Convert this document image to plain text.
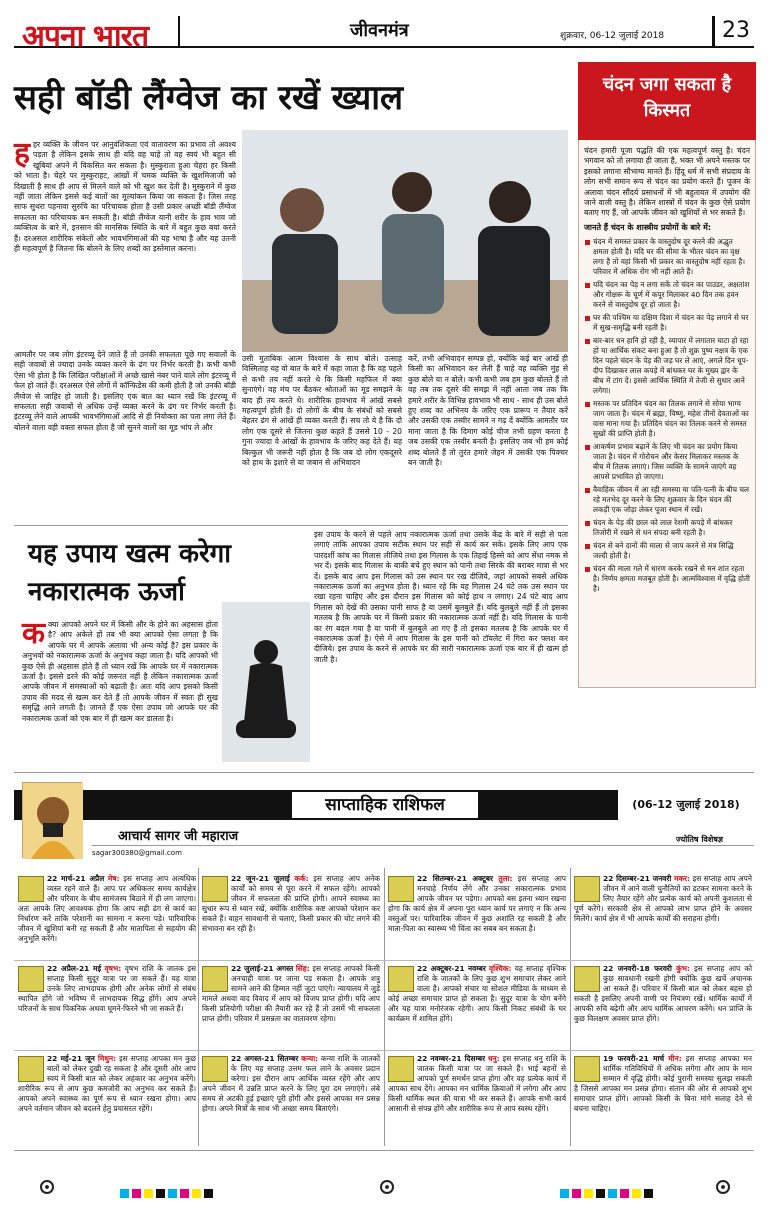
अपना भारत	जीवनमंत्र	शुक्रवार, 06-12 जुलाई 2018	23
सही बॉडी लैंग्वेज का रखें ख्याल

हहर व्यक्ति के जीवन पर आनुवंशिकता एवं वातावरण का प्रभाव तो अवश्य पड़ता है लेकिन इसके साथ ही यदि वह चाहे तो वह स्वयं भी बहुत सी खूबियां अपने में विकसित कर सकता है। मुस्कुराता हुआ चेहरा हर किसी को भाता है। चेहरे पर मुस्कुराहट, आंखों में चमक व्यक्ति के खुशमिजाजी को दिखाती है साथ ही आप से मिलने वाले को भी खुश कर देती है। मुस्कुराने में कुछ नहीं जाता लेकिन इससे कई बातों का मूल्यांकन किया जा सकता है। जिस तरह साफ सुथरा पहनावा सुरुचि का परिचायक होता है उसी प्रकार अच्छी बॉडी लैंग्वेज सफलता का परिचायक बन सकती है। बॉडी लैंग्वेज यानी शरीर के हाव भाव जो व्यक्तित्व के बारे में, इनसान की मानसिक स्थिति के बारे में बहुत कुछ बयां करते हैं। दरअसल शारीरिक संकेतों और भावभंगिमाओं की यह भाषा है और यह उतनी ही महत्वपूर्ण है जितना कि बोलने के लिए शब्दों का इस्तेमाल करना।

आमतौर पर जब लोग इंटरव्यू देने जाते हैं तो उनकी सफलता पूछे गए सवालों के सही जवाबों से ज्यादा उनके व्यक्त करने के ढंग पर निर्भर करती है। कभी कभी ऐसा भी होता है कि लिखित परीक्षाओं में अच्छे खासे नंबर पाने वाले लोग इंटरव्यू में फेल हो जाते हैं। दरअसल ऐसे लोगों में कॉन्फिडेंस की कमी होती है जो उनकी बॉडी लैंग्वेज से जाहिर हो जाती है। इसलिए एक बात का ध्यान रखें कि इंटरव्यू में सफलता सही जवाबों से अधिक उन्हें व्यक्त करने के ढंग पर निर्भर करती है। इंटरव्यू लेने वाले आपकी भावभंगिमाओं आदि से ही नियोक्ता का पता लगा लेते हैं। बोलने वाला वही वक्ता सफल होता है जो सुनने वालों का मूड भांप ले और

उसी मुताबिक आत्म विश्वास के साथ बोले। उत्साह विस्मिताह यह वो बात के बारे में कहा जाता है कि वह पहले से कभी तय नहीं करते थे कि किसी महफिल में क्या सुनाएंगे। वह मंच पर बैठकर श्रोताओं का मूड समझने के बाद ही तय करते थे। शारीरिक हावभाव में आंखें सबसे महत्वपूर्ण होती हैं। दो लोगों के बीच के संबंधों को सबसे बेहतर ढंग से आंखें ही व्यक्त करती हैं। सच तो ये है कि दो लोग एक दूसरे से जितना कुछ कहते हैं उससे 10 - 20 गुना ज्यादा वे आंखों के हावभाव के जरिए कह देते हैं। यह बिल्कुल भी जरूरी नहीं होता है कि जब दो लोग एकदूसरे को हाथ के इशारे से या जबान से अभिवादन

करें, तभी अभिवादन सम्पन्न हो, क्योंकि कई बार आंखें ही किसी का अभिवादन कर लेती हैं चाहे वह व्यक्ति मुंह से कुछ बोले या न बोले। कभी कभी जब हम कुछ बोलते हैं तो वह तब तक दूसरे की समझ में नहीं आता जब तक कि हमारे शरीर के विभिन्न हावभाव भी साथ - साथ ही उस बोले हुए शब्द का अभिनय के जरिए एक प्रारूप न तैयार करें और उसकी एक तस्वीर सामने न गढ़ दें क्योंकि आमतौर पर माना जाता है कि दिमाग कोई चीज तभी ग्रहण करता है जब उसकी एक तस्वीर बनती है। इसलिए जब भी हम कोई शब्द बोलते हैं तो तुरंत हमारे जेहन में उसकी एक पिक्चर बन जाती है।

चंदन जगा सकता है किस्मत

चंदन हमारी पूजा पद्धति की एक महत्वपूर्ण वस्तु है। चंदन भगवान को तो लगाया ही जाता है, भक्त भी अपने मस्तक पर इसको लगाना सौभाग्य मानते हैं। हिंदू धर्म में सभी संप्रदाय के लोग सभी समान रूप से चंदन का प्रयोग करते हैं। पूजन के अलावा चंदन सौंदर्य प्रसाधनों में भी बहुतायत में उपयोग की जाने वाली वस्तु है। लेकिन शास्त्रों में चंदन के कुछ ऐसे प्रयोग बताए गए हैं, जो आपके जीवन को खुशियों से भर सकते हैं।

जानते हैं चंदन के शास्त्रीय प्रयोगों के बारे में:
चंदन में समस्त प्रकार के वास्तुदोष दूर करने की अद्भुत क्षमता होती है। यदि घर की सीमा के भीतर चंदन का वृक्ष लगा है तो वहां किसी भी प्रकार का वास्तुदोष नहीं रहता है। परिवार में अधिक रोग भी नहीं आते हैं।
यदि चंदन का पेड़ न लगा सकें तो चंदन का पाउडर, अक्षतांश और गोक्षरू के चूर्ण में कपूर मिलाकर 40 दिन तक हवन करने से वास्तुदोष दूर हो जाता है।
घर की पश्चिम या दक्षिण दिशा में चंदन का पेड़ लगाने से घर में सुख-समृद्धि बनी रहती है।
बार-बार धन हानि हो रही है, व्यापार में लगातार घाटा हो रहा हो या आर्थिक संकट बना हुआ है तो शुक्र पुष्य नक्षत्र के एक दिन पहले चंदन के पेड़ की जड़ घर ले आएं, अगले दिन धूप-दीप दिखाकर लाल कपड़े में बांधकर घर के मुख्य द्वार के बीच में टांग दें। इससे आर्थिक स्थिति में तेजी से सुधार आने लगेगा।
मस्तक पर प्रतिदिन चंदन का तिलक लगाने से सोया भाग्य जाग जाता है। चंदन में ब्रह्मा, विष्णु, महेश तीनों देवताओं का वास माना गया है। प्रतिदिन चंदन का तिलक करने से समस्त सुखों की प्राप्ति होती है।
आकर्षण प्रभाव बढ़ाने के लिए भी चंदन का प्रयोग किया जाता है। चंदन में गोरोचन और केसर मिलाकर मस्तक के बीच में तिलक लगाएं। जिस व्यक्ति के सामने जाएंगे वह आपसे प्रभावित हो जाएगा।
वैवाहिक जीवन में आ रही समस्या या पति-पत्नी के बीच चल रहे मतभेद दूर करने के लिए शुक्रवार के दिन चंदन की लकड़ी एक जोड़ा लेकर पूजा स्थान में रखें।
चंदन के पेड़ की छाल को लाल रेशमी कपड़े में बांधकर तिजोरी में रखने से धन संपदा बनी रहती है।
चंदन से बने दानों की माला से जाप करने से मंत्र सिद्धि जल्दी होती है।
चंदन की माला गले में धारण करके रखने से मन शांत रहता है। निर्णय क्षमता मजबूत होती है। आत्मविश्वास में वृद्धि होती है।
यह उपाय खत्म करेगा नकारात्मक ऊर्जा

कक्या आपको अपने घर में किसी और के होने का अहसास होता है? आप अकेले हों तब भी क्या आपको ऐसा लगता है कि आपके घर में आपके अलावा भी अन्य कोई है? इस प्रकार के अनुभवों को नकारात्मक ऊर्जा के अनुभव कहा जाता है। यदि आपको भी कुछ ऐसे ही अहसास होते हैं तो ध्यान रखें कि आपके घर में नकारात्मक ऊर्जा है। इससे डरने की कोई जरूरत नहीं है लेकिन नकारात्मक ऊर्जा आपके जीवन में समस्याओं को बढ़ाती है। अतः यदि आप इसको किसी उपाय की मदद से खत्म कर देते हैं तो आपके जीवन में स्वतः ही सुख समृद्धि आने लगती है। जानते हैं एक ऐसा उपाय जो आपके घर की नकारात्मक ऊर्जा को एक बार में ही खत्म कर डालता है।

इस उपाय के करने से पहले आप नकारात्मक ऊर्जा तथा उसके केंद्र के बारे में सही से पता लगाएं ताकि आपका उपाय सटीक स्थान पर सही से कार्य कर सके। इसके लिए आप एक पारदर्शी कांच का गिलास लीजिये तथा इस गिलास के एक तिहाई हिस्से को आप सेंधा नमक से भर दें। इसके बाद गिलास के बाकी बचे हुए स्थान को पानी तथा सिरके की बराबर मात्रा से भर दें। इसके बाद आप इस गिलास को उस स्थान पर रख दीजिये, जहां आपको सबसे अधिक नकारात्मक ऊर्जा का अनुभव होता है। ध्यान रहे कि यह गिलास 24 घंटे तक उस स्थान पर रखा रहना चाहिए और इस दौरान इस गिलास को कोई हाथ न लगाए। 24 घंटे बाद आप गिलास को देखें की उसका पानी साफ है या उसमें बुलबुले हैं। यदि बुलबुले नहीं हैं तो इसका मतलब है कि आपके घर में किसी प्रकार की नकारात्मक ऊर्जा नहीं है। यदि गिलास के पानी का रंग बदल गया है या पानी में बुलबुले आ गए हैं तो इसका मतलब है कि आपके घर में नकारात्मक ऊर्जा है। ऐसे में आप गिलास के इस पानी को टॉयलेट में गिरा कर फ्लश कर दीजिये। इस उपाय के करने से आपके घर की सारी नकारात्मक ऊर्जा एक बार में ही खत्म हो जाती है।

साप्ताहिक राशिफल	(06-12 जुलाई 2018)
आचार्य सागर जी महाराज
sagar300380@gmail.com
ज्योतिष विशेषज्ञ
22 मार्च-21 अप्रैल मेष: इस सप्ताह आप अत्यधिक व्यस्त रहने वाले हैं। आप पर अधिकतर समय कार्यक्षेत्र और परिवार के बीच सामंजस्य बिठाने में ही लग जाएगा। अतः आपके लिए आवश्यक होगा कि आप सही ढंग से कार्य का निर्धारण करें ताकि परेशानी का सामना न करना पड़े। पारिवारिक जीवन में खुशियां बनी रह सकती हैं और मातापिता से सहयोग की अनुभूति करेंगे।
22 अप्रैल-21 मई वृषभ: वृषभ राशि के जातक इस सप्ताह किसी सुदूर यात्रा पर जा सकते हैं। यह यात्रा उनके लिए लाभदायक होगी और अनेक लोगों से संबंध स्थापित होंगे जो भविष्य में लाभदायक सिद्ध होंगे। आप अपने परिजनों के साथ पिकनिक अथवा घूमने-फिरने भी जा सकते हैं।
22 मई-21 जून मिथुन: इस सप्ताह आपका मन कुछ बातों को लेकर दुखी रह सकता है और दूसरी ओर आप स्वयं में किसी बात को लेकर अहंकार का अनुभव करेंगे। शारीरिक रूप से आप कुछ कमजोरी का अनुभव कर सकते हैं। आपको अपने स्वास्थ्य का पूर्ण रूप से ध्यान रखना होगा। आप अपने वर्तमान जीवन को बदलने हेतु प्रयासरत रहेंगे।
22 जून-21 जुलाई कर्क: इस सप्ताह आप अनेक कार्यों को समय से पूरा करने में सफल रहेंगे। आपको जीवन में सफलता की प्राप्ति होगी। आपने स्वास्थ्य का सुधार रूप से ध्यान रखें, क्योंकि शारीरिक कष्ट आपको परेशान कर सकते हैं। वाहन सावधानी से चलाएं, किसी प्रकार की चोट लगने की संभावना बन रही है।
22 जुलाई-21 अगस्त सिंह: इस सप्ताह आपको किसी अनचाही यात्रा पर जाना पड़ सकता है। आपके शत्रु सामने आने की हिम्मत नहीं जुटा पाएंगे। न्यायालय में जुड़े मामले अथवा वाद विवाद में आप को विजय प्राप्त होगी। यदि आप किसी प्रतियोगी परीक्षा की तैयारी कर रहे हैं तो उसमें भी सफलता प्राप्त होगी। परिवार में प्रसन्नता का वातावरण रहेगा।
22 अगस्त-21 सितम्बर कन्या: कन्या राशि के जातकों के लिए यह सप्ताह उत्तम फल लाने के अवसर प्रदान करेगा। इस दौरान आप आर्थिक व्यस्त रहेंगे और आप अपने जीवन में उन्नति प्राप्त करने के लिए पूरा दम लगाएंगे। लंबे समय से अटकी हुई इच्छाएं पूरी होंगी और इससे आपका मन प्रसन्न होगा। अपने मित्रों के साथ भी अच्छा समय बिताएंगे।
22 सितम्बर-21 अक्टूबर तुला: इस सप्ताह आप मनचाहे निर्णय लेंगे और उनका सकारात्मक प्रभाव आपके जीवन पर पड़ेगा। आपको बस इतना ध्यान रखना होगा कि कार्य क्षेत्र में अपना पूरा ध्यान कार्य पर लगाएं न कि अन्य वस्तुओं पर। पारिवारिक जीवन में कुछ अशांति रह सकती है और माता-पिता का स्वास्थ्य भी चिंता का सबब बन सकता है।
22 अक्टूबर-21 नवम्बर वृश्चिक: यह सप्ताह वृश्चिक राशि के जातकों के लिए कुछ शुभ समाचार लेकर आने वाला है। आपको संचार या सोशल मीडिया के माध्यम से कोई अच्छा समाचार प्राप्त हो सकता है। सुदूर यात्रा के योग बनेंगे और यह यात्रा मनोरंजक रहेगी। आप किसी निकट संबंधी के घर कार्यक्रम में शामिल होंगे।
22 नवम्बर-21 दिसम्बर धनु: इस सप्ताह धनु राशि के जातक किसी यात्रा पर जा सकते हैं। भाई बहनों से आपको पूर्ण समर्थन प्राप्त होगा और वह प्रत्येक कार्य में आपका साथ देंगे। आपका मन धार्मिक क्रियाओं में लगेगा और आप किसी धार्मिक स्थल की यात्रा भी कर सकते हैं। आपके सभी कार्य आसानी से संपन्न होंगे और शारीरिक रूप से आप स्वस्थ रहेंगे।
22 दिसम्बर-21 जनवरी मकर: इस सप्ताह आप अपने जीवन में आने वाली चुनौतियों का डटकर सामना करने के लिए तैयार रहेंगे और प्रत्येक कार्य को अपनी कुशलता से पूर्ण करेंगे। सरकारी क्षेत्र से आपको लाभ प्राप्त होने के अवसर मिलेंगे। कार्य क्षेत्र में भी आपके कार्यों की सराहना होगी।
22 जनवरी-18 फरवरी कुंभ: इस सप्ताह आप को कुछ सावधानी रखनी होगी क्योंकि कुछ खर्चे अचानक आ सकते हैं। परिवार में किसी बात को लेकर बहस हो सकती है इसलिए अपनी वाणी पर नियंत्रण रखें। धार्मिक कार्यों में आपकी रुचि बढ़ेगी और आप धार्मिक आचरण करेंगे। धन प्राप्ति के कुछ विलक्षण अवसर प्राप्त होंगे।
19 फरवरी-21 मार्च मीन: इस सप्ताह आपका मन धार्मिक गतिविधियों में अधिक लगेगा और आप के मान सम्मान में वृद्धि होगी। कोई पुरानी समस्या सुलझ सकती है जिससे आपका मन प्रसन्न होगा। संतान की ओर से आपको शुभ समाचार प्राप्त होंगे। आपको किसी के बिना मांगे सलाह देने से बचना चाहिए।
